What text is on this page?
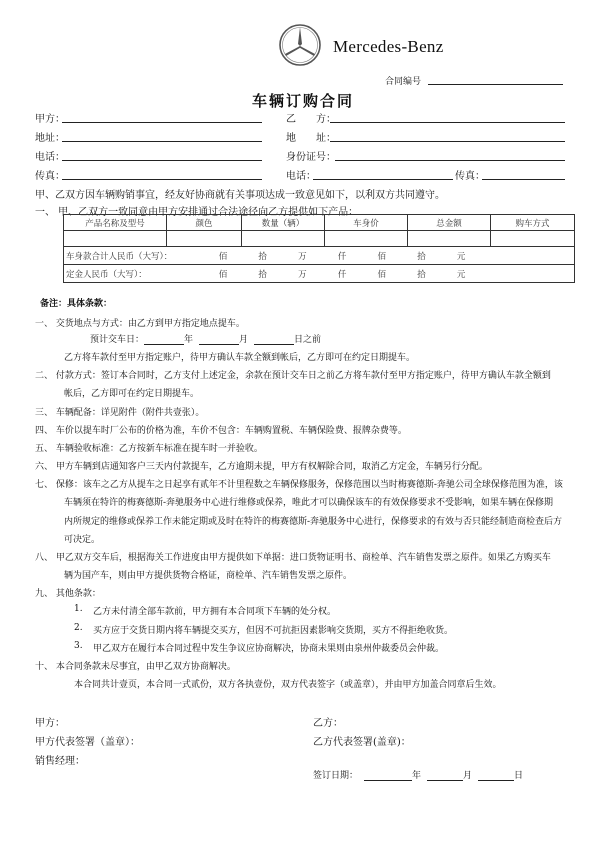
Mercedes-Benz
合同编号
车辆订购合同
甲方：	乙　　方：
地址：	地　　址：
电话：	身份证号：
传真：	电话：	传真：
甲、乙双方因车辆购销事宜，经友好协商就有关事项达成一致意见如下，以利双方共同遵守。
一、 甲、乙双方一致同意由甲方安排通过合法途径向乙方提供如下产品：
产品名称及型号	颜色	数量（辆）	车身价	总金额	购车方式

车身款合计人民币（大写）： 佰 拾 万 仟 佰 拾 元					
定金人民币（大写）： 佰 拾 万 仟 佰 拾 元					
备注：具体条款：
一、 交货地点与方式：由乙方到甲方指定地点提车。
预计交车日：	年	月	日之前
乙方将车款付至甲方指定账户，待甲方确认车款全额到帐后，乙方即可在约定日期提车。
二、 付款方式：签订本合同时，乙方支付上述定金，余款在预计交车日之前乙方将车款付至甲方指定账户，待甲方确认车款全额到
帐后，乙方即可在约定日期提车。
三、 车辆配备：详见附件（附件共壹张）。
四、 车价以提车时厂公布的价格为准，车价不包含：车辆购置税、车辆保险费、报牌杂费等。
五、 车辆验收标准：乙方按新车标准在提车时一并验收。
六、 甲方车辆到店通知客户三天内付款提车，乙方逾期未提，甲方有权解除合同，取消乙方定金，车辆另行分配。
七、 保修：该车之乙方从提车之日起享有贰年不计里程数之车辆保修服务，保修范围以当时梅赛德斯-奔驰公司全球保修范围为准，该
车辆须在特许的梅赛德斯-奔驰服务中心进行维修或保养，唯此才可以确保该车的有效保修要求不受影响，如果车辆在保修期
内所规定的维修或保养工作未能定期或及时在特许的梅赛德斯-奔驰服务中心进行，保修要求的有效与否只能经制造商检查后方
可决定。
八、 甲乙双方交车后，根据海关工作进度由甲方提供如下单据：进口货物证明书、商检单、汽车销售发票之原件。如果乙方购买车
辆为国产车，则由甲方提供货物合格证，商检单、汽车销售发票之原件。
九、 其他条款：
1. 乙方未付清全部车款前，甲方拥有本合同项下车辆的处分权。
2. 买方应于交货日期内将车辆提交买方，但因不可抗拒因素影响交货期，买方不得拒绝收货。
3. 甲乙双方在履行本合同过程中发生争议应协商解决，协商未果则由泉州仲裁委员会仲裁。
十、 本合同条款未尽事宜，由甲乙双方协商解决。
本合同共计壹页，本合同一式贰份，双方各执壹份，双方代表签字（或盖章），并由甲方加盖合同章后生效。
甲方：	乙方：
甲方代表签署（盖章）：	乙方代表签署(盖章)：
销售经理：
签订日期：	年	月	日
